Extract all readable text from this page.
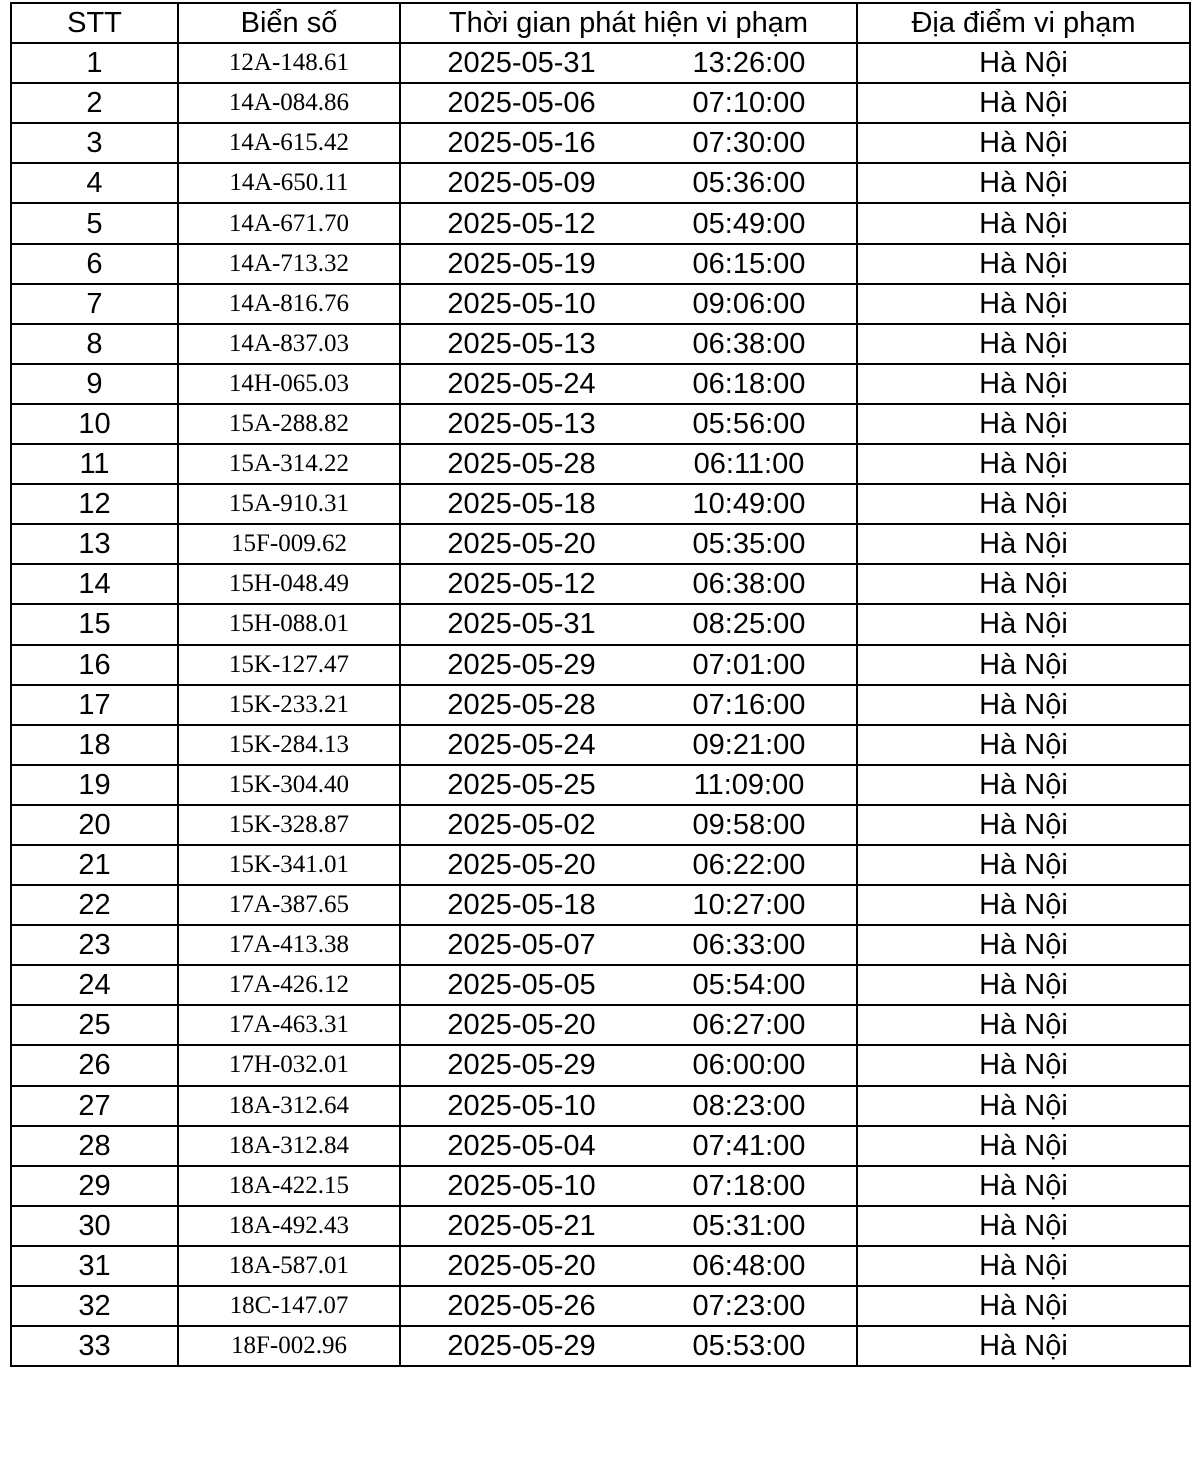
STT	Biển số	Thời gian phát hiện vi phạm		Địa điểm vi phạm
1	12A-148.61	2025-05-31	13:26:00	Hà Nội
2	14A-084.86	2025-05-06	07:10:00	Hà Nội
3	14A-615.42	2025-05-16	07:30:00	Hà Nội
4	14A-650.11	2025-05-09	05:36:00	Hà Nội
5	14A-671.70	2025-05-12	05:49:00	Hà Nội
6	14A-713.32	2025-05-19	06:15:00	Hà Nội
7	14A-816.76	2025-05-10	09:06:00	Hà Nội
8	14A-837.03	2025-05-13	06:38:00	Hà Nội
9	14H-065.03	2025-05-24	06:18:00	Hà Nội
10	15A-288.82	2025-05-13	05:56:00	Hà Nội
11	15A-314.22	2025-05-28	06:11:00	Hà Nội
12	15A-910.31	2025-05-18	10:49:00	Hà Nội
13	15F-009.62	2025-05-20	05:35:00	Hà Nội
14	15H-048.49	2025-05-12	06:38:00	Hà Nội
15	15H-088.01	2025-05-31	08:25:00	Hà Nội
16	15K-127.47	2025-05-29	07:01:00	Hà Nội
17	15K-233.21	2025-05-28	07:16:00	Hà Nội
18	15K-284.13	2025-05-24	09:21:00	Hà Nội
19	15K-304.40	2025-05-25	11:09:00	Hà Nội
20	15K-328.87	2025-05-02	09:58:00	Hà Nội
21	15K-341.01	2025-05-20	06:22:00	Hà Nội
22	17A-387.65	2025-05-18	10:27:00	Hà Nội
23	17A-413.38	2025-05-07	06:33:00	Hà Nội
24	17A-426.12	2025-05-05	05:54:00	Hà Nội
25	17A-463.31	2025-05-20	06:27:00	Hà Nội
26	17H-032.01	2025-05-29	06:00:00	Hà Nội
27	18A-312.64	2025-05-10	08:23:00	Hà Nội
28	18A-312.84	2025-05-04	07:41:00	Hà Nội
29	18A-422.15	2025-05-10	07:18:00	Hà Nội
30	18A-492.43	2025-05-21	05:31:00	Hà Nội
31	18A-587.01	2025-05-20	06:48:00	Hà Nội
32	18C-147.07	2025-05-26	07:23:00	Hà Nội
33	18F-002.96	2025-05-29	05:53:00	Hà Nội
